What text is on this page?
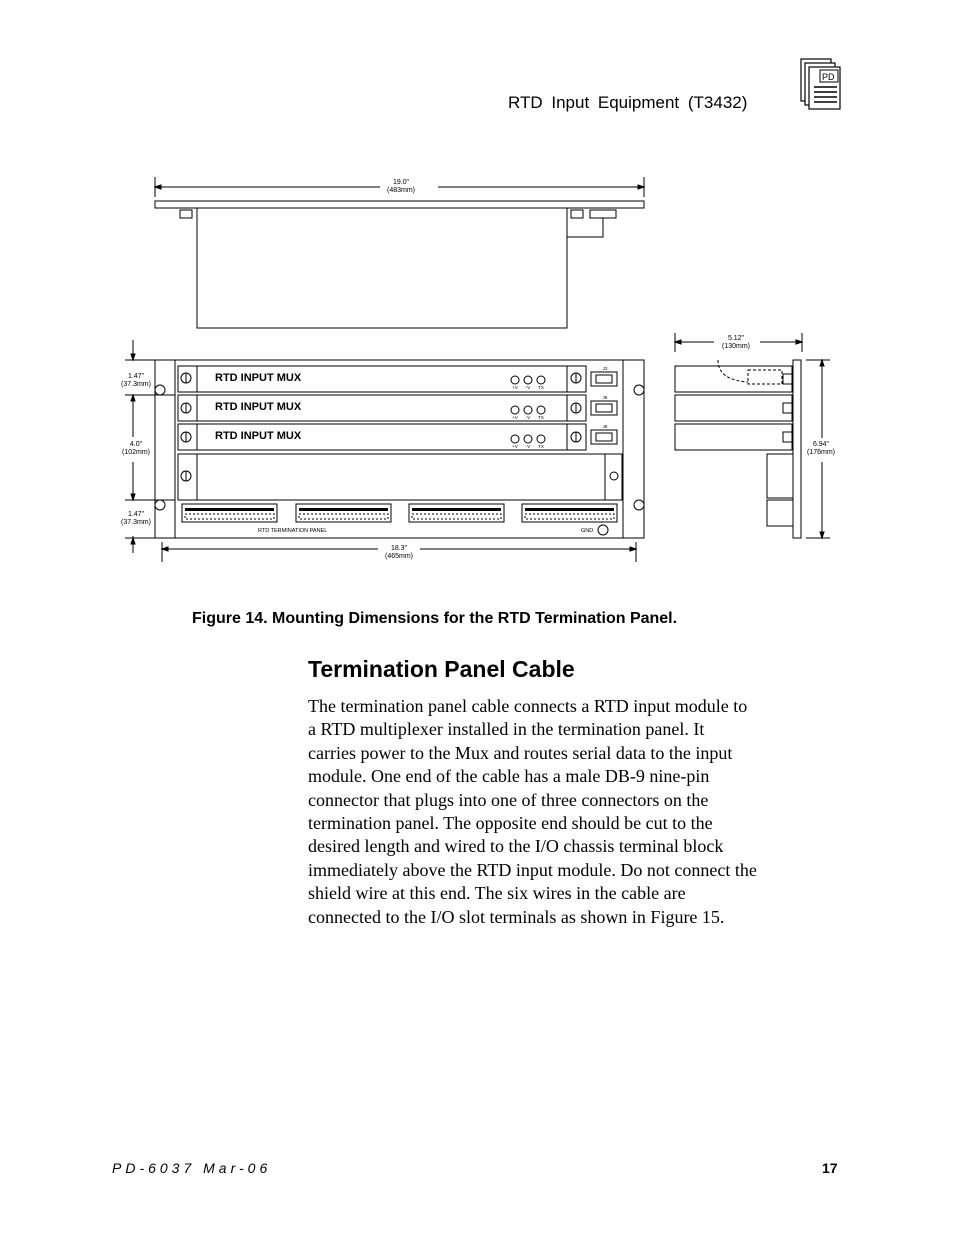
RTD Input Equipment (T3432)
PD
19.0"
(483mm)
5.12"
(130mm)
6.94"
(176mm)
1.47"
(37.3mm)
4.0"
(102mm)
1.47"
(37.3mm)
18.3"
(465mm)
RTD INPUT MUX
RTD INPUT MUX
RTD INPUT MUX
+V -V TX
+V -V TX
+V -V TX
J3
J8
J9
RTD TERMINATION PANEL	GND
Figure 14. Mounting Dimensions for the RTD Termination Panel.
Termination Panel Cable
The termination panel cable connects a RTD input module to
a RTD multiplexer installed in the termination panel. It
carries power to the Mux and routes serial data to the input
module. One end of the cable has a male DB-9 nine-pin
connector that plugs into one of three connectors on the
termination panel. The opposite end should be cut to the
desired length and wired to the I/O chassis terminal block
immediately above the RTD input module. Do not connect the
shield wire at this end. The six wires in the cable are
connected to the I/O slot terminals as shown in Figure 15.
PD-6037 Mar-06	17
